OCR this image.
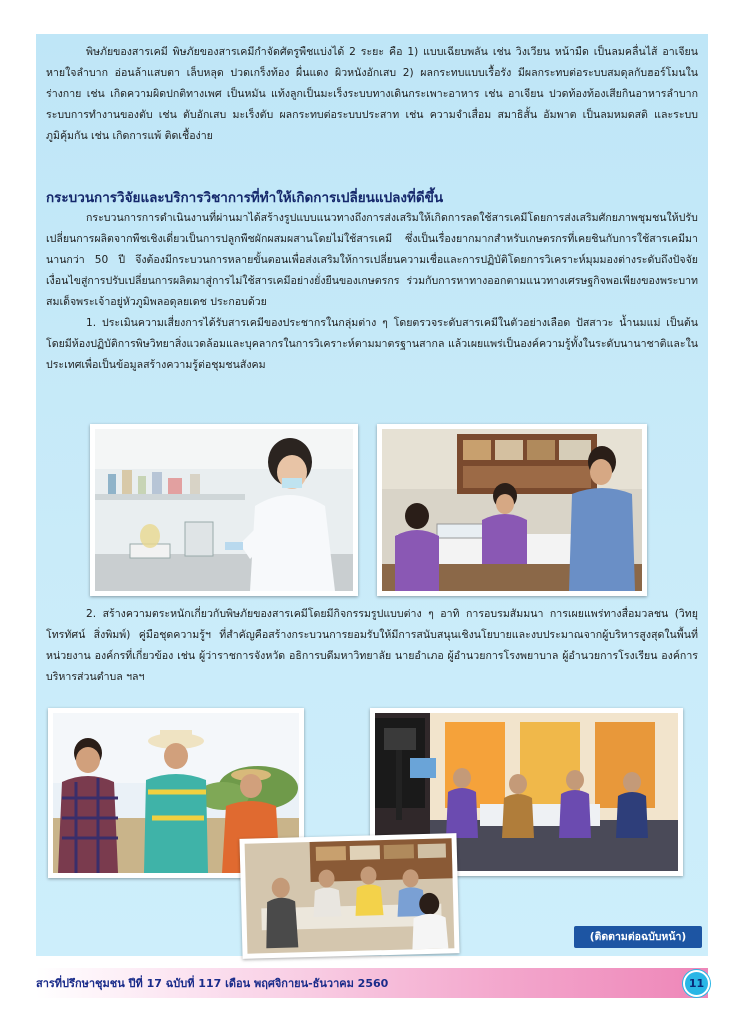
พิษภัยของสารเคมี พิษภัยของสารเคมีกำจัดศัตรูพืชแบ่งได้ 2 ระยะ คือ 1) แบบเฉียบพลัน เช่น วิงเวียน หน้ามืด เป็นลมคลื่นไส้ อาเจียน หายใจลำบาก อ่อนล้าแสบตา เล็บหลุด ปวดเกร็งท้อง ผื่นแดง ผิวหนังอักเสบ 2) ผลกระทบแบบเรื้อรัง มีผลกระทบต่อระบบสมดุลกับฮอร์โมนในร่างกาย เช่น เกิดความผิดปกติทางเพศ เป็นหมัน แท้งลูกเป็นมะเร็งระบบทางเดินกระเพาะอาหาร เช่น อาเจียน ปวดท้องท้องเสียกินอาหารลำบาก ระบบการทำงานของตับ เช่น ตับอักเสบ มะเร็งตับ ผลกระทบต่อระบบประสาท เช่น ความจำเสื่อม สมาธิสั้น อัมพาต เป็นลมหมดสติ และระบบภูมิคุ้มกัน เช่น เกิดการแพ้ ติดเชื้อง่าย

กระบวนการวิจัยและบริการวิชาการที่ทำให้เกิดการเปลี่ยนแปลงที่ดีขึ้น

กระบวนการการดำเนินงานที่ผ่านมาได้สร้างรูปแบบแนวทางถึงการส่งเสริมให้เกิดการลดใช้สารเคมีโดยการส่งเสริมศักยภาพชุมชนให้ปรับเปลี่ยนการผลิตจากพืชเชิงเดี่ยวเป็นการปลูกพืชผักผสมผสานโดยไม่ใช้สารเคมี ซึ่งเป็นเรื่องยากมากสำหรับเกษตรกรที่เคยชินกับการใช้สารเคมีมานานกว่า 50 ปี จึงต้องมีกระบวนการหลายขั้นตอนเพื่อส่งเสริมให้การเปลี่ยนความเชื่อและการปฏิบัติโดยการวิเคราะห์มุมมองต่างระดับถึงปัจจัยเงื่อนไขสู่การปรับเปลี่ยนการผลิตมาสู่การไม่ใช้สารเคมีอย่างยั่งยืนของเกษตรกร ร่วมกับการหาทางออกตามแนวทางเศรษฐกิจพอเพียงของพระบาทสมเด็จพระเจ้าอยู่หัวภูมิพลอดุลยเดช ประกอบด้วย

1. ประเมินความเสี่ยงการได้รับสารเคมีของประชากรในกลุ่มต่าง ๆ โดยตรวจระดับสารเคมีในตัวอย่างเลือด ปัสสาวะ น้ำนมแม่ เป็นต้น โดยมีห้องปฏิบัติการพิษวิทยาสิ่งแวดล้อมและบุคลากรในการวิเคราะห์ตามมาตรฐานสากล แล้วเผยแพร่เป็นองค์ความรู้ทั้งในระดับนานาชาติและในประเทศเพื่อเป็นข้อมูลสร้างความรู้ต่อชุมชนสังคม

2. สร้างความตระหนักเกี่ยวกับพิษภัยของสารเคมีโดยมีกิจกรรมรูปแบบต่าง ๆ อาทิ การอบรมสัมมนา การเผยแพร่ทางสื่อมวลชน (วิทยุ โทรทัศน์ สิ่งพิมพ์) คู่มือชุดความรู้ฯ ที่สำคัญคือสร้างกระบวนการยอมรับให้มีการสนับสนุนเชิงนโยบายและงบประมาณจากผู้บริหารสูงสุดในพื้นที่ หน่วยงาน องค์กรที่เกี่ยวข้อง เช่น ผู้ว่าราชการจังหวัด อธิการบดีมหาวิทยาลัย นายอำเภอ ผู้อำนวยการโรงพยาบาล ผู้อำนวยการโรงเรียน องค์การบริหารส่วนตำบล ฯลฯ

(ติดตามต่อฉบับหน้า)
สารที่ปรึกษาชุมชน ปีที่ 17 ฉบับที่ 117 เดือน พฤศจิกายน-ธันวาคม 2560	11
